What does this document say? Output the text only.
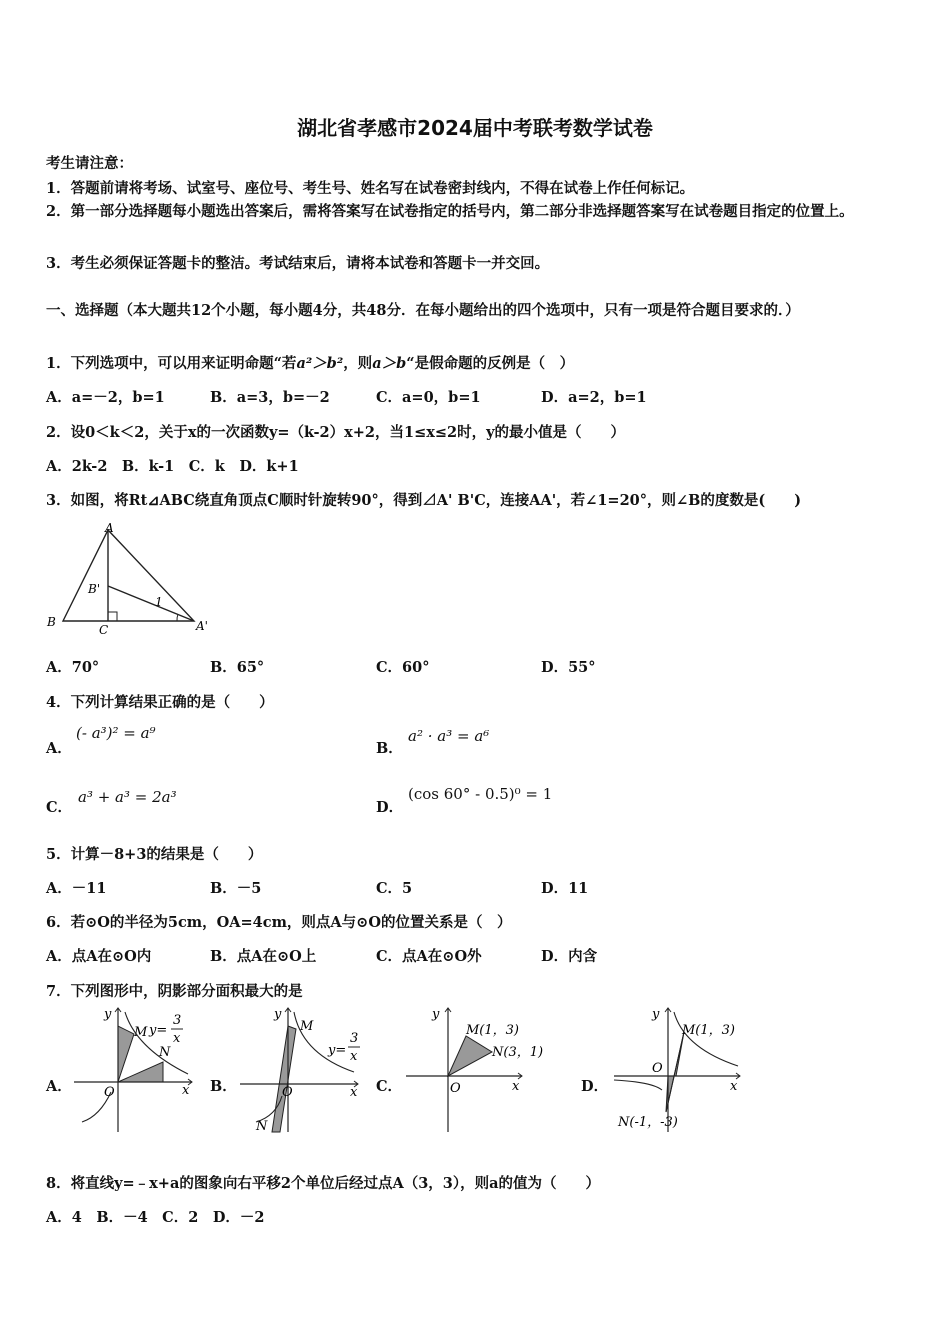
湖北省孝感市2024届中考联考数学试卷
考生请注意：
1．答题前请将考场、试室号、座位号、考生号、姓名写在试卷密封线内，不得在试卷上作任何标记。
2．第一部分选择题每小题选出答案后，需将答案写在试卷指定的括号内，第二部分非选择题答案写在试卷题目指定的位置上。
3．考生必须保证答题卡的整洁。考试结束后，请将本试卷和答题卡一并交回。
一、选择题（本大题共12个小题，每小题4分，共48分．在每小题给出的四个选项中，只有一项是符合题目要求的．）
1．下列选项中，可以用来证明命题“若a²＞b²，则a＞b“是假命题的反例是（　）
A．a=－2，b=1	B．a=3，b=－2	C．a=0，b=1	D．a=2，b=1
2．设0＜k＜2，关于x的一次函数y=（k-2）x+2，当1≤x≤2时，y的最小值是（　　）
A．2k-2　B．k-1　C．k　D．k+1
3．如图，将Rt⊿ABC绕直角顶点C顺时针旋转90°，得到⊿A' B'C，连接AA'，若∠1=20°，则∠B的度数是(　　)
A
B'
B
C	A'
1
A．70°	B．65°	C．60°	D．55°
4．下列计算结果正确的是（　　）
A．
(- a³)² = a⁹
B．
a² · a³ = a⁶
C．
a³ + a³ = 2a³
D．
(cos 60° - 0.5)⁰ = 1
5．计算－8+3的结果是（　　）
A．－11	B．－5	C．5	D．11
6．若⊙O的半径为5cm，OA=4cm，则点A与⊙O的位置关系是（　）
A．点A在⊙O内	B．点A在⊙O上	C．点A在⊙O外	D．内含
7．下列图形中，阴影部分面积最大的是
A．
y
x
O
M
N
y=
3
x
B．
y
x
O
M
N
y=
3
x
C．
y
x
O
M(1，3)
N(3，1)
D．
y
x
O
M(1，3)
N(-1，-3)
8．将直线y=﹣x+a的图象向右平移2个单位后经过点A（3，3），则a的值为（　　）
A．4　B．－4　C．2　D．－2
